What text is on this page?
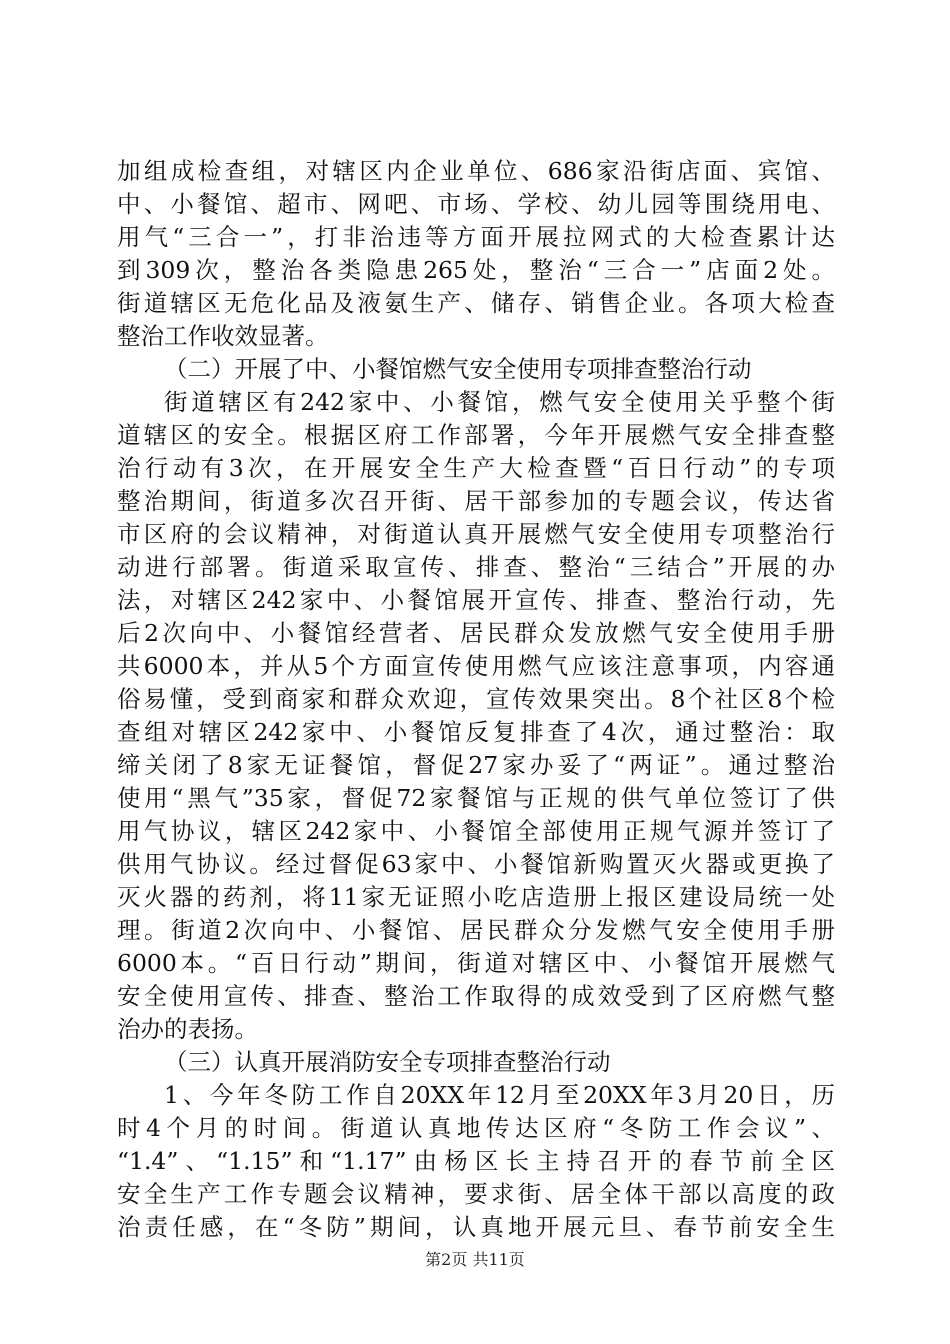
加组成检查组，对辖区内企业单位、686家沿街店面、宾馆、

中、小餐馆、超市、网吧、市场、学校、幼儿园等围绕用电、

用气“三合一”，打非治违等方面开展拉网式的大检查累计达

到309次，整治各类隐患265处，整治“三合一”店面2处。

街道辖区无危化品及液氨生产、储存、销售企业。各项大检查

整治工作收效显著。

（二）开展了中、小餐馆燃气安全使用专项排查整治行动

街道辖区有242家中、小餐馆，燃气安全使用关乎整个街

道辖区的安全。根据区府工作部署，今年开展燃气安全排查整

治行动有3次，在开展安全生产大检查暨“百日行动”的专项

整治期间，街道多次召开街、居干部参加的专题会议，传达省

市区府的会议精神，对街道认真开展燃气安全使用专项整治行

动进行部署。街道采取宣传、排查、整治“三结合”开展的办

法，对辖区242家中、小餐馆展开宣传、排查、整治行动，先

后2次向中、小餐馆经营者、居民群众发放燃气安全使用手册

共6000本，并从5个方面宣传使用燃气应该注意事项，内容通

俗易懂，受到商家和群众欢迎，宣传效果突出。8个社区8个检

查组对辖区242家中、小餐馆反复排查了4次，通过整治：取

缔关闭了8家无证餐馆，督促27家办妥了“两证”。通过整治

使用“黑气”35家，督促72家餐馆与正规的供气单位签订了供

用气协议，辖区242家中、小餐馆全部使用正规气源并签订了

供用气协议。经过督促63家中、小餐馆新购置灭火器或更换了

灭火器的药剂，将11家无证照小吃店造册上报区建设局统一处

理。街道2次向中、小餐馆、居民群众分发燃气安全使用手册

6000本。“百日行动”期间，街道对辖区中、小餐馆开展燃气

安全使用宣传、排查、整治工作取得的成效受到了区府燃气整

治办的表扬。

（三）认真开展消防安全专项排查整治行动

1、今年冬防工作自20XX年12月至20XX年3月20日，历

时4个月的时间。街道认真地传达区府“冬防工作会议”、

“1.4”、“1.15”和“1.17”由杨区长主持召开的春节前全区

安全生产工作专题会议精神，要求街、居全体干部以高度的政

治责任感，在“冬防”期间，认真地开展元旦、春节前安全生

第2页 共11页
